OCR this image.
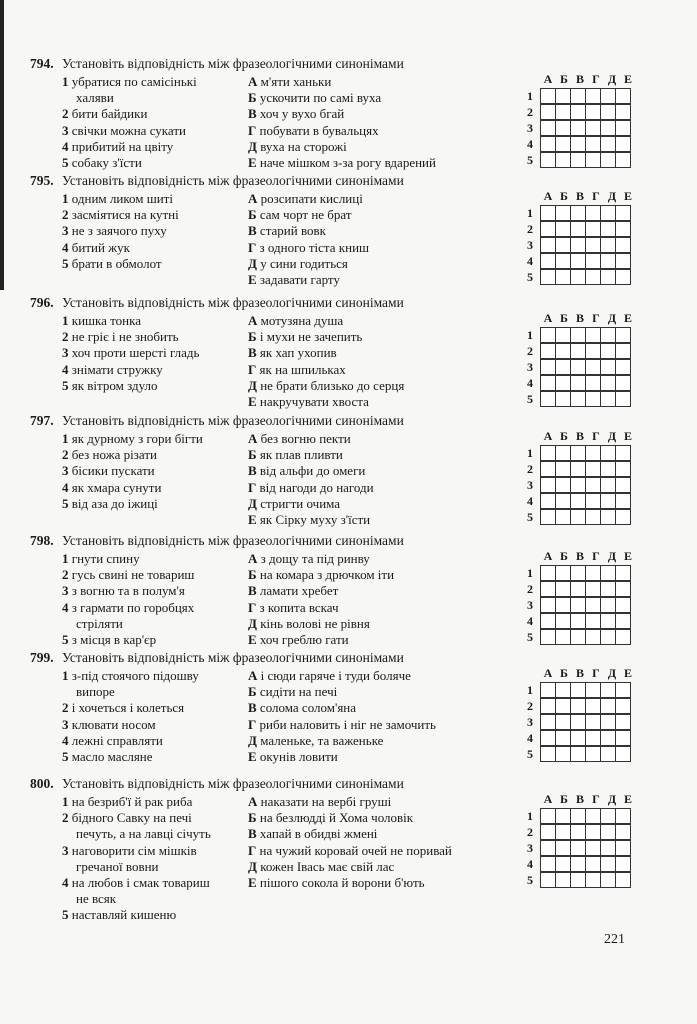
794. Установіть відповідність між фразеологічними синонімами
1 убратися по самісінькі
халяви
2 бити байдики
3 свічки можна сукати
4 прибитий на цвіту
5 собаку з'їсти
А м'яти ханьки
Б ускочити по самі вуха
В хоч у вухо бгай
Г побувати в бувальцях
Д вуха на сторожі
Е наче мішком з-за рогу вдарений
А Б В Г Д Е
1
2
3
4
5
795. Установіть відповідність між фразеологічними синонімами
1 одним ликом шиті
2 засміятися на кутні
3 не з заячого пуху
4 битий жук
5 брати в обмолот
А розсипати кислиці
Б сам чорт не брат
В старий вовк
Г з одного тіста книш
Д у сини годиться
Е задавати гарту
А Б В Г Д Е
1
2
3
4
5
796. Установіть відповідність між фразеологічними синонімами
1 кишка тонка
2 не гріє і не знобить
3 хоч проти шерсті гладь
4 знімати стружку
5 як вітром здуло
А мотузяна душа
Б і мухи не зачепить
В як хап ухопив
Г як на шпильках
Д не брати близько до серця
Е накручувати хвоста
А Б В Г Д Е
1
2
3
4
5
797. Установіть відповідність між фразеологічними синонімами
1 як дурному з гори бігти
2 без ножа різати
3 бісики пускати
4 як хмара сунути
5 від аза до іжиці
А без вогню пекти
Б як плав пливти
В від альфи до омеги
Г від нагоди до нагоди
Д стригти очима
Е як Сірку муху з'їсти
А Б В Г Д Е
1
2
3
4
5
798. Установіть відповідність між фразеологічними синонімами
1 гнути спину
2 гусь свині не товариш
3 з вогню та в полум'я
4 з гармати по горобцях
стріляти
5 з місця в кар'єр
А з дощу та під ринву
Б на комара з дрючком іти
В ламати хребет
Г з копита вскач
Д кінь волові не рівня
Е хоч греблю гати
А Б В Г Д Е
1
2
3
4
5
799. Установіть відповідність між фразеологічними синонімами
1 з-під стоячого підошву
випоре
2 і хочеться і колеться
3 клювати носом
4 лежні справляти
5 масло масляне
А і сюди гаряче і туди боляче
Б сидіти на печі
В солома солом'яна
Г риби наловить і ніг не замочить
Д маленьке, та важеньке
Е окунів ловити
А Б В Г Д Е
1
2
3
4
5
800. Установіть відповідність між фразеологічними синонімами
1 на безриб'ї й рак риба
2 бідного Савку на печі
печуть, а на лавці січуть
3 наговорити сім мішків
гречаної вовни
4 на любов і смак товариш
не всяк
5 наставляй кишеню
А наказати на вербі груші
Б на безлюдді й Хома чоловік
В хапай в обидві жмені
Г на чужий коровай очей не поривай
Д кожен Івась має свій лас
Е пішого сокола й ворони б'ють
А Б В Г Д Е
1
2
3
4
5
221
